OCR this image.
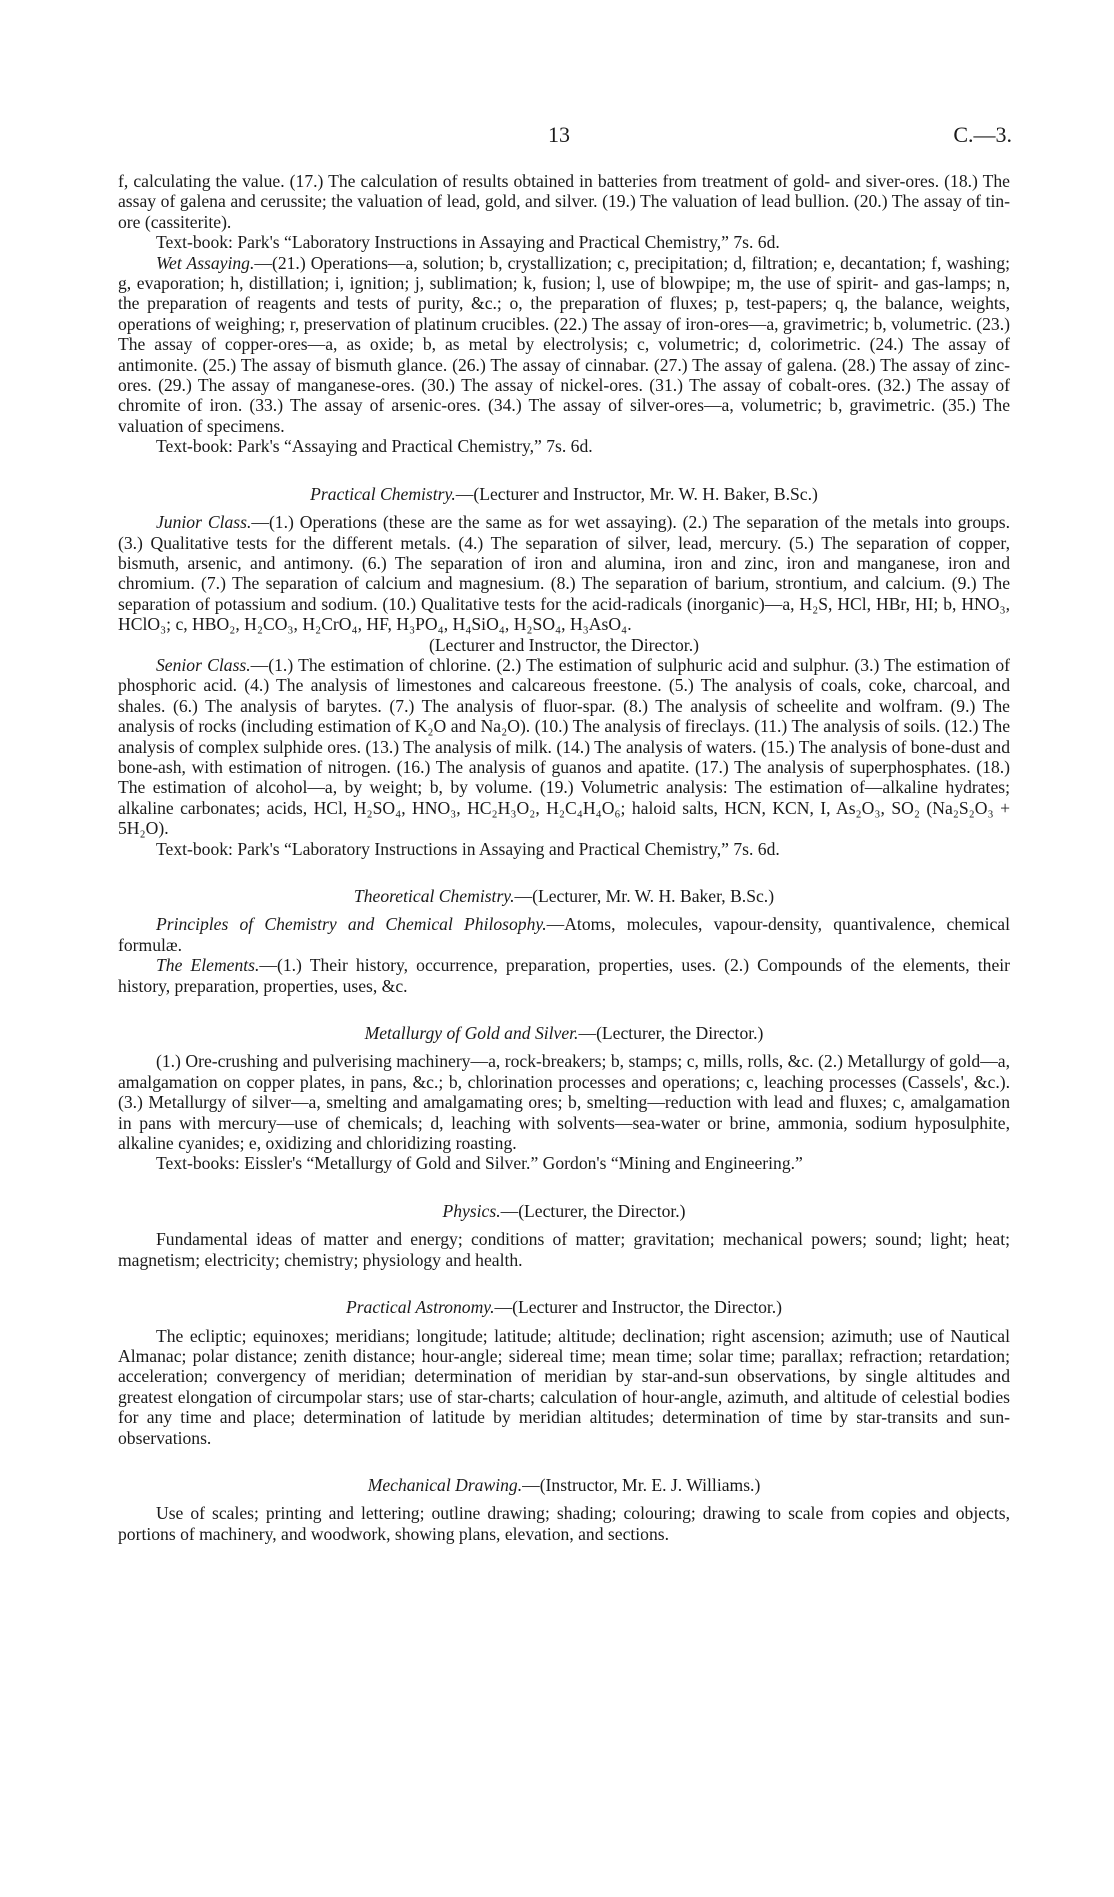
13	C.—3.

f, calculating the value. (17.) The calculation of results obtained in batteries from treatment of gold- and siver-ores. (18.) The assay of galena and cerussite; the valuation of lead, gold, and silver. (19.) The valuation of lead bullion. (20.) The assay of tin-ore (cassiterite).

Text-book: Park's “Laboratory Instructions in Assaying and Practical Chemistry,” 7s. 6d.

Wet Assaying.—(21.) Operations—a, solution; b, crystallization; c, precipitation; d, filtration; e, decantation; f, washing; g, evaporation; h, distillation; i, ignition; j, sublimation; k, fusion; l, use of blowpipe; m, the use of spirit- and gas-lamps; n, the preparation of reagents and tests of purity, &c.; o, the preparation of fluxes; p, test-papers; q, the balance, weights, operations of weighing; r, preservation of platinum crucibles. (22.) The assay of iron-ores—a, gravimetric; b, volumetric. (23.) The assay of copper-ores—a, as oxide; b, as metal by electrolysis; c, volumetric; d, colorimetric. (24.) The assay of antimonite. (25.) The assay of bismuth glance. (26.) The assay of cinnabar. (27.) The assay of galena. (28.) The assay of zinc-ores. (29.) The assay of manganese-ores. (30.) The assay of nickel-ores. (31.) The assay of cobalt-ores. (32.) The assay of chromite of iron. (33.) The assay of arsenic-ores. (34.) The assay of silver-ores—a, volumetric; b, gravimetric. (35.) The valuation of specimens.

Text-book: Park's “Assaying and Practical Chemistry,” 7s. 6d.

Practical Chemistry.—(Lecturer and Instructor, Mr. W. H. Baker, B.Sc.)

Junior Class.—(1.) Operations (these are the same as for wet assaying). (2.) The separation of the metals into groups. (3.) Qualitative tests for the different metals. (4.) The separation of silver, lead, mercury. (5.) The separation of copper, bismuth, arsenic, and antimony. (6.) The separation of iron and alumina, iron and zinc, iron and manganese, iron and chromium. (7.) The separation of calcium and magnesium. (8.) The separation of barium, strontium, and calcium. (9.) The separation of potassium and sodium. (10.) Qualitative tests for the acid-radicals (inorganic)—a, H₂S, HCl, HBr, HI; b, HNO₃, HClO₃; c, HBO₂, H₂CO₃, H₂CrO₄, HF, H₃PO₄, H₄SiO₄, H₂SO₄, H₃AsO₄.

(Lecturer and Instructor, the Director.)

Senior Class.—(1.) The estimation of chlorine. (2.) The estimation of sulphuric acid and sulphur. (3.) The estimation of phosphoric acid. (4.) The analysis of limestones and calcareous freestone. (5.) The analysis of coals, coke, charcoal, and shales. (6.) The analysis of barytes. (7.) The analysis of fluor-spar. (8.) The analysis of scheelite and wolfram. (9.) The analysis of rocks (including estimation of K₂O and Na₂O). (10.) The analysis of fireclays. (11.) The analysis of soils. (12.) The analysis of complex sulphide ores. (13.) The analysis of milk. (14.) The analysis of waters. (15.) The analysis of bone-dust and bone-ash, with estimation of nitrogen. (16.) The analysis of guanos and apatite. (17.) The analysis of superphosphates. (18.) The estimation of alcohol—a, by weight; b, by volume. (19.) Volumetric analysis: The estimation of—alkaline hydrates; alkaline carbonates; acids, HCl, H₂SO₄, HNO₃, HC₂H₃O₂, H₂C₄H₄O₆; haloid salts, HCN, KCN, I, As₂O₃, SO₂ (Na₂S₂O₃ + 5H₂O).

Text-book: Park's “Laboratory Instructions in Assaying and Practical Chemistry,” 7s. 6d.

Theoretical Chemistry.—(Lecturer, Mr. W. H. Baker, B.Sc.)

Principles of Chemistry and Chemical Philosophy.—Atoms, molecules, vapour-density, quantivalence, chemical formulæ.

The Elements.—(1.) Their history, occurrence, preparation, properties, uses. (2.) Compounds of the elements, their history, preparation, properties, uses, &c.

Metallurgy of Gold and Silver.—(Lecturer, the Director.)

(1.) Ore-crushing and pulverising machinery—a, rock-breakers; b, stamps; c, mills, rolls, &c. (2.) Metallurgy of gold—a, amalgamation on copper plates, in pans, &c.; b, chlorination processes and operations; c, leaching processes (Cassels', &c.). (3.) Metallurgy of silver—a, smelting and amalgamating ores; b, smelting—reduction with lead and fluxes; c, amalgamation in pans with mercury—use of chemicals; d, leaching with solvents—sea-water or brine, ammonia, sodium hyposulphite, alkaline cyanides; e, oxidizing and chloridizing roasting.

Text-books: Eissler's “Metallurgy of Gold and Silver.” Gordon's “Mining and Engineering.”

Physics.—(Lecturer, the Director.)

Fundamental ideas of matter and energy; conditions of matter; gravitation; mechanical powers; sound; light; heat; magnetism; electricity; chemistry; physiology and health.

Practical Astronomy.—(Lecturer and Instructor, the Director.)

The ecliptic; equinoxes; meridians; longitude; latitude; altitude; declination; right ascension; azimuth; use of Nautical Almanac; polar distance; zenith distance; hour-angle; sidereal time; mean time; solar time; parallax; refraction; retardation; acceleration; convergency of meridian; determination of meridian by star-and-sun observations, by single altitudes and greatest elongation of circumpolar stars; use of star-charts; calculation of hour-angle, azimuth, and altitude of celestial bodies for any time and place; determination of latitude by meridian altitudes; determination of time by star-transits and sun-observations.

Mechanical Drawing.—(Instructor, Mr. E. J. Williams.)

Use of scales; printing and lettering; outline drawing; shading; colouring; drawing to scale from copies and objects, portions of machinery, and woodwork, showing plans, elevation, and sections.
